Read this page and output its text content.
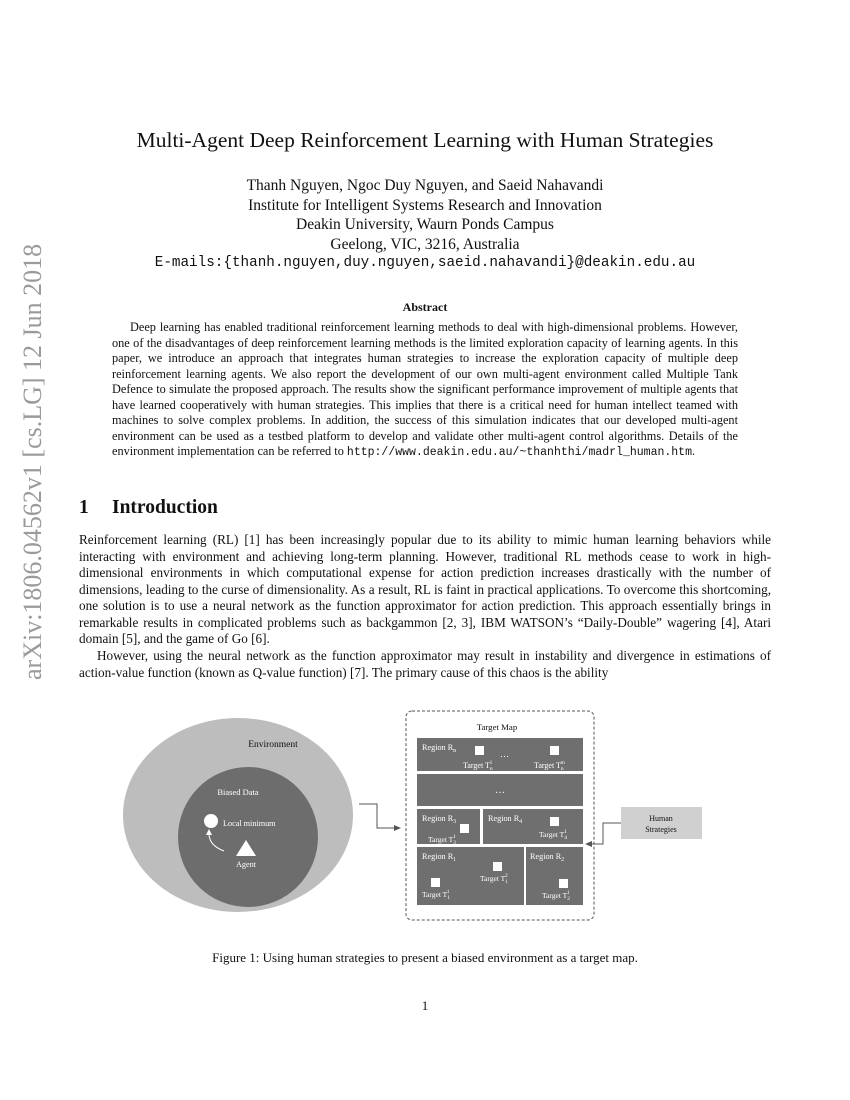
arXiv:1806.04562v1 [cs.LG] 12 Jun 2018
Multi-Agent Deep Reinforcement Learning with Human Strategies
Thanh Nguyen, Ngoc Duy Nguyen, and Saeid Nahavandi
Institute for Intelligent Systems Research and Innovation
Deakin University, Waurn Ponds Campus
Geelong, VIC, 3216, Australia
E-mails:{thanh.nguyen,duy.nguyen,saeid.nahavandi}@deakin.edu.au
Abstract

Deep learning has enabled traditional reinforcement learning methods to deal with high-dimensional problems. However, one of the disadvantages of deep reinforcement learning methods is the limited exploration capacity of learning agents. In this paper, we introduce an approach that integrates human strategies to increase the exploration capacity of multiple deep reinforcement learning agents. We also report the development of our own multi-agent environment called Multiple Tank Defence to simulate the proposed approach. The results show the significant performance improvement of multiple agents that have learned cooperatively with human strategies. This implies that there is a critical need for human intellect teamed with machines to solve complex problems. In addition, the success of this simulation indicates that our developed multi-agent environment can be used as a testbed platform to develop and validate other multi-agent control algorithms. Details of the environment implementation can be referred to http://www.deakin.edu.au/~thanhthi/madrl_human.htm.

1 Introduction

Reinforcement learning (RL) [1] has been increasingly popular due to its ability to mimic human learning behaviors while interacting with environment and achieving long-term planning. However, traditional RL methods cease to work in high-dimensional environments in which computational expense for action prediction increases drastically with the number of dimensions, leading to the curse of dimensionality. As a result, RL is faint in practical applications. To overcome this shortcoming, one solution is to use a neural network as the function approximator for action prediction. This approach essentially brings in remarkable results in complicated problems such as backgammon [2, 3], IBM WATSON’s “Daily-Double” wagering [4], Atari domain [5], and the game of Go [6].

However, using the neural network as the function approximator may result in instability and divergence in estimations of action-value function (known as Q-value function) [7]. The primary cause of this chaos is the ability

Environment
Biased Data
Local minimum
Agent
Target Map
Region $R_n$	…
Target $T_n1$	Target $T_nm$
…
Region $R_3$
Target $T_31$
Region $R_4$
Target $T_41$
Region $R_1$
Target $T_12$
Target $T_11$
Region $R_2$
Target $T_21$
Human
Strategies
Figure 1: Using human strategies to present a biased environment as a target map.
1
